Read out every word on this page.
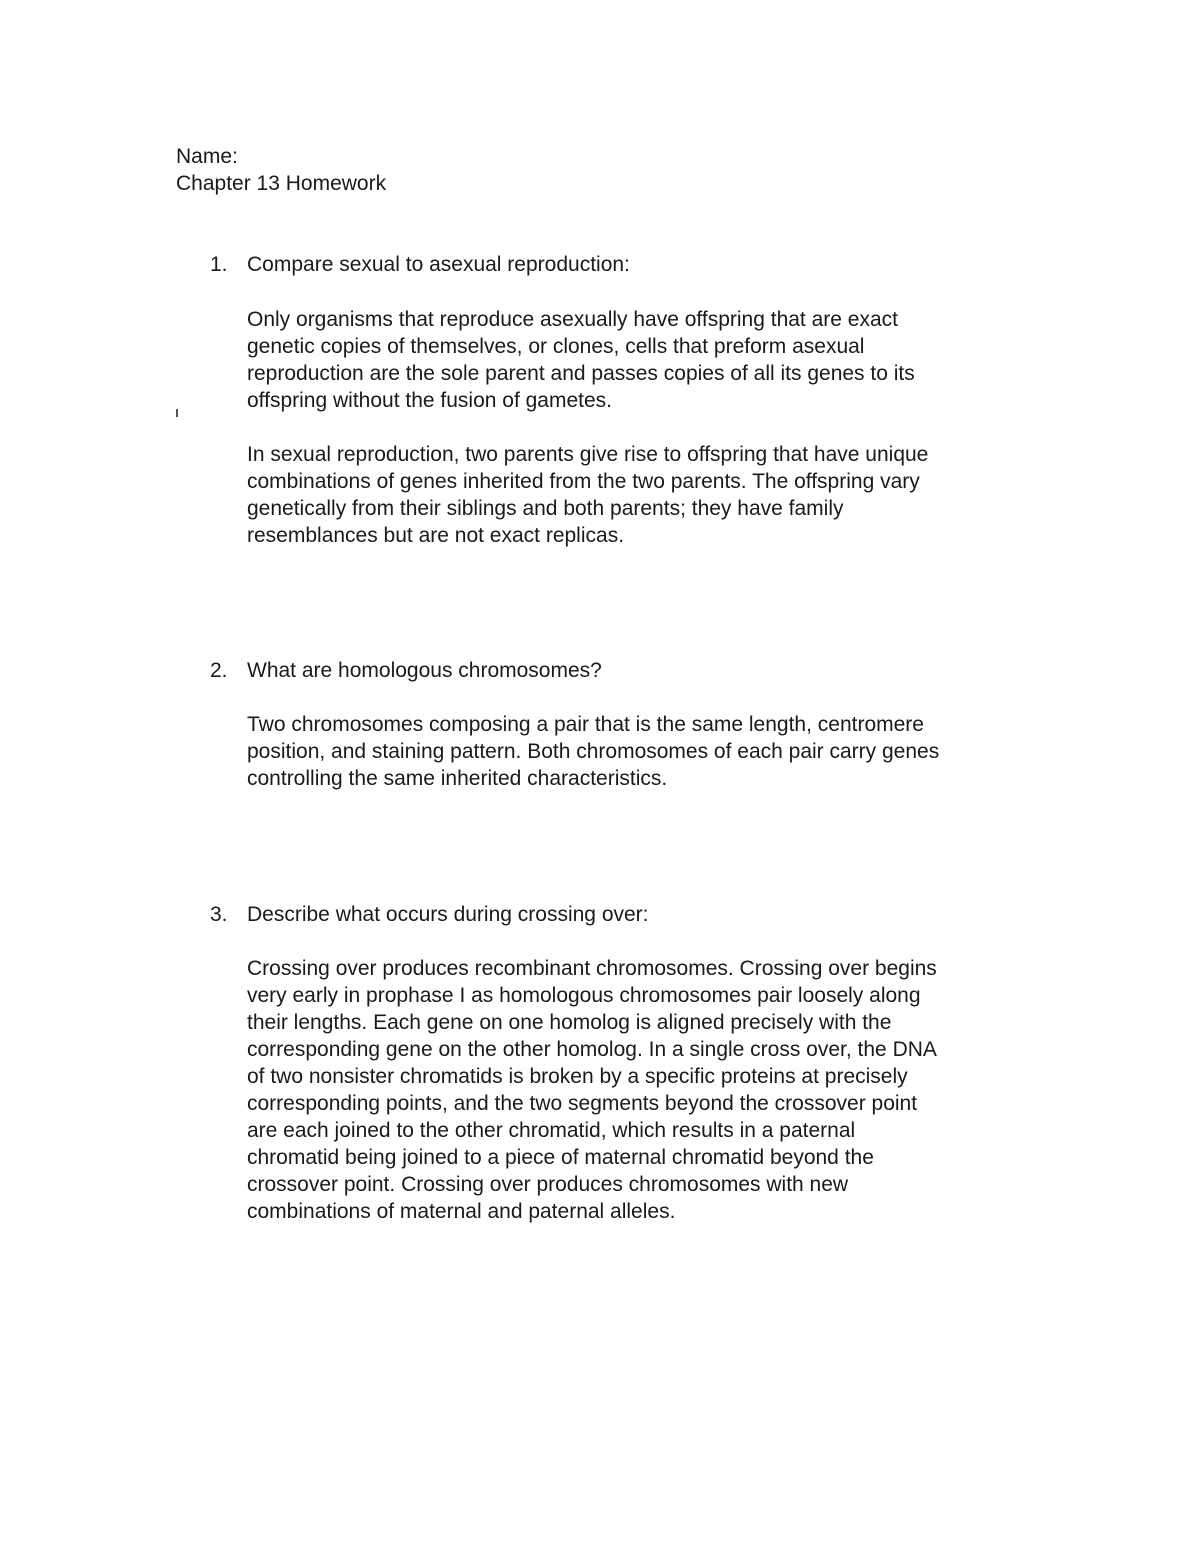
Name:
Chapter 13 Homework
1. Compare sexual to asexual reproduction:
Only organisms that reproduce asexually have offspring that are exact
genetic copies of themselves, or clones, cells that preform asexual
reproduction are the sole parent and passes copies of all its genes to its
offspring without the fusion of gametes.
In sexual reproduction, two parents give rise to offspring that have unique
combinations of genes inherited from the two parents. The offspring vary
genetically from their siblings and both parents; they have family
resemblances but are not exact replicas.
2. What are homologous chromosomes?
Two chromosomes composing a pair that is the same length, centromere
position, and staining pattern. Both chromosomes of each pair carry genes
controlling the same inherited characteristics.
3. Describe what occurs during crossing over:
Crossing over produces recombinant chromosomes. Crossing over begins
very early in prophase I as homologous chromosomes pair loosely along
their lengths. Each gene on one homolog is aligned precisely with the
corresponding gene on the other homolog. In a single cross over, the DNA
of two nonsister chromatids is broken by a specific proteins at precisely
corresponding points, and the two segments beyond the crossover point
are each joined to the other chromatid, which results in a paternal
chromatid being joined to a piece of maternal chromatid beyond the
crossover point. Crossing over produces chromosomes with new
combinations of maternal and paternal alleles.
